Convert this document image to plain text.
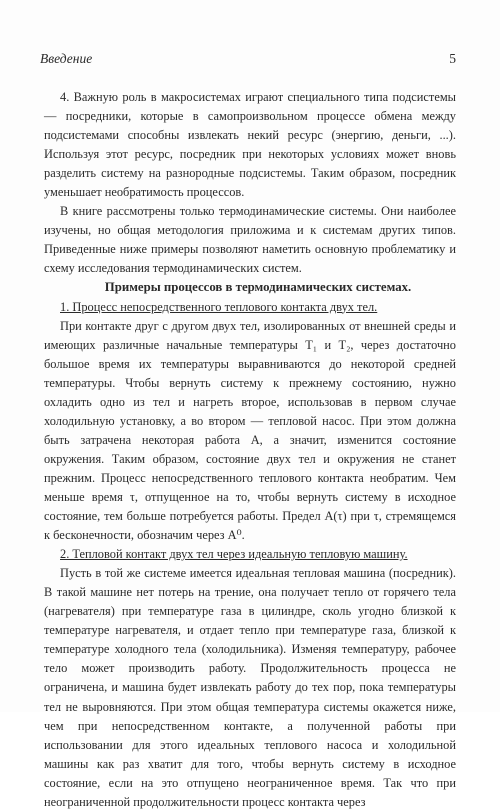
Введение	5

4. Важную роль в макросистемах играют специального типа подсистемы — посредники, которые в самопроизвольном процессе обмена между подсистемами способны извлекать некий ресурс (энергию, деньги, ...). Используя этот ресурс, посредник при некоторых условиях может вновь разделить систему на разнородные подсистемы. Таким образом, посредник уменьшает необратимость процессов.

В книге рассмотрены только термодинамические системы. Они наиболее изучены, но общая методология приложима и к системам других типов. Приведенные ниже примеры позволяют наметить основную проблематику и схему исследования термодинамических систем.

Примеры процессов в термодинамических системах.

1. Процесс непосредственного теплового контакта двух тел.

При контакте друг с другом двух тел, изолированных от внешней среды и имеющих различные начальные температуры T₁ и T₂, через достаточно большое время их температуры выравниваются до некоторой средней температуры. Чтобы вернуть систему к прежнему состоянию, нужно охладить одно из тел и нагреть второе, использовав в первом случае холодильную установку, а во втором — тепловой насос. При этом должна быть затрачена некоторая работа A, а значит, изменится состояние окружения. Таким образом, состояние двух тел и окружения не станет прежним. Процесс непосредственного теплового контакта необратим. Чем меньше время τ, отпущенное на то, чтобы вернуть систему в исходное состояние, тем больше потребуется работы. Предел A(τ) при τ, стремящемся к бесконечности, обозначим через A⁰.

2. Тепловой контакт двух тел через идеальную тепловую машину.

Пусть в той же системе имеется идеальная тепловая машина (посредник). В такой машине нет потерь на трение, она получает тепло от горячего тела (нагревателя) при температуре газа в цилиндре, сколь угодно близкой к температуре нагревателя, и отдает тепло при температуре газа, близкой к температуре холодного тела (холодильника). Изменяя температуру, рабочее тело может производить работу. Продолжительность процесса не ограничена, и машина будет извлекать работу до тех пор, пока температуры тел не выровняются. При этом общая температура системы окажется ниже, чем при непосредственном контакте, а полученной работы при использовании для этого идеальных теплового насоса и холодильной машины как раз хватит для того, чтобы вернуть систему в исходное состояние, если на это отпущено неограниченное время. Так что при неограниченной продолжительности процесс контакта через
